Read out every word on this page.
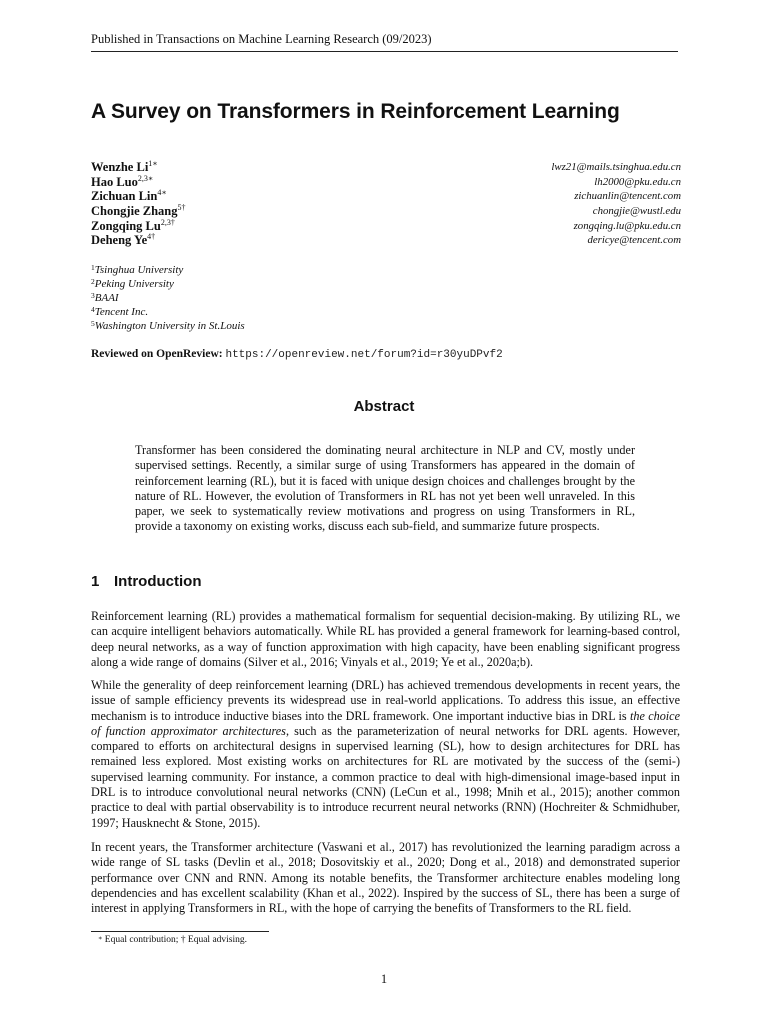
Published in Transactions on Machine Learning Research (09/2023)
A Survey on Transformers in Reinforcement Learning
Wenzhe $Li^{1∗}$	lwz21@mails.tsinghua.edu.cn
Hao Luo$^{2,3∗}$	lh2000@pku.edu.cn
Zichuan Lin$^{4∗}$	zichuanlin@tencent.com
Chongjie Zhang$^{5\dagger}$	chongjie@wustl.edu
Zongqing $Lu^{2,3\dagger}$	zongqing.lu@pku.edu.cn
Deheng $Ye^{4\dagger}$	dericye@tencent.com
$^1$Tsinghua University
$^2$Peking University
$^3$BAAI
$^4$Tencent Inc.
$^5$Washington University in St.Louis
Reviewed on OpenReview: https://openreview.net/forum?id=r30yuDPvf2
Abstract
Transformer has been considered the dominating neural architecture in NLP and CV, mostly under supervised settings. Recently, a similar surge of using Transformers has appeared in the domain of reinforcement learning (RL), but it is faced with unique design choices and challenges brought by the nature of RL. However, the evolution of Transformers in RL has not yet been well unraveled. In this paper, we seek to systematically review motivations and progress on using Transformers in RL, provide a taxonomy on existing works, discuss each sub-field, and summarize future prospects.
1 Introduction
Reinforcement learning (RL) provides a mathematical formalism for sequential decision-making. By utilizing RL, we can acquire intelligent behaviors automatically. While RL has provided a general framework for learning-based control, deep neural networks, as a way of function approximation with high capacity, have been enabling significant progress along a wide range of domains (Silver et al., 2016; Vinyals et al., 2019; Ye et al., 2020a;b).
While the generality of deep reinforcement learning (DRL) has achieved tremendous developments in recent years, the issue of sample efficiency prevents its widespread use in real-world applications. To address this issue, an effective mechanism is to introduce inductive biases into the DRL framework. One important inductive bias in DRL is the choice of function approximator architectures, such as the parameterization of neural networks for DRL agents. However, compared to efforts on architectural designs in supervised learning (SL), how to design architectures for DRL has remained less explored. Most existing works on architectures for RL are motivated by the success of the (semi-) supervised learning community. For instance, a common practice to deal with high-dimensional image-based input in DRL is to introduce convolutional neural networks (CNN) (LeCun et al., 1998; Mnih et al., 2015); another common practice to deal with partial observability is to introduce recurrent neural networks (RNN) (Hochreiter & Schmidhuber, 1997; Hausknecht & Stone, 2015).
In recent years, the Transformer architecture (Vaswani et al., 2017) has revolutionized the learning paradigm across a wide range of SL tasks (Devlin et al., 2018; Dosovitskiy et al., 2020; Dong et al., 2018) and demonstrated superior performance over CNN and RNN. Among its notable benefits, the Transformer architecture enables modeling long dependencies and has excellent scalability (Khan et al., 2022). Inspired by the success of SL, there has been a surge of interest in applying Transformers in RL, with the hope of carrying the benefits of Transformers to the RL field.
∗ Equal contribution; † Equal advising.
1
